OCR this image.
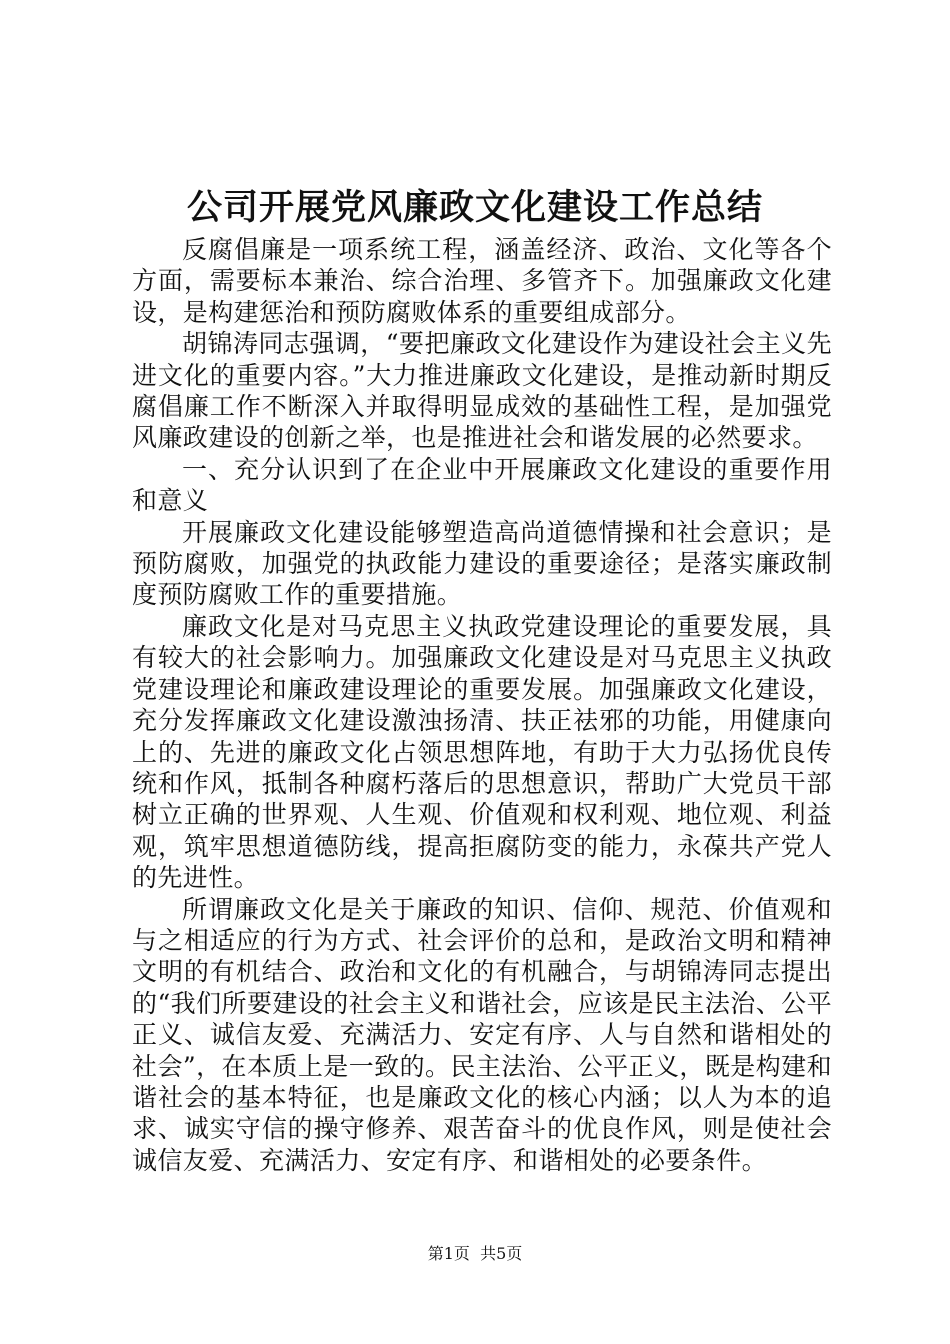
公司开展党风廉政文化建设工作总结

反腐倡廉是一项系统工程，涵盖经济、政治、文化等各个方面，需要标本兼治、综合治理、多管齐下。加强廉政文化建设，是构建惩治和预防腐败体系的重要组成部分。

胡锦涛同志强调，“要把廉政文化建设作为建设社会主义先进文化的重要内容。”大力推进廉政文化建设，是推动新时期反腐倡廉工作不断深入并取得明显成效的基础性工程，是加强党风廉政建设的创新之举，也是推进社会和谐发展的必然要求。

一、充分认识到了在企业中开展廉政文化建设的重要作用和意义

开展廉政文化建设能够塑造高尚道德情操和社会意识；是预防腐败，加强党的执政能力建设的重要途径；是落实廉政制度预防腐败工作的重要措施。

廉政文化是对马克思主义执政党建设理论的重要发展，具有较大的社会影响力。加强廉政文化建设是对马克思主义执政党建设理论和廉政建设理论的重要发展。加强廉政文化建设，充分发挥廉政文化建设激浊扬清、扶正祛邪的功能，用健康向上的、先进的廉政文化占领思想阵地，有助于大力弘扬优良传统和作风，抵制各种腐朽落后的思想意识，帮助广大党员干部树立正确的世界观、人生观、价值观和权利观、地位观、利益观，筑牢思想道德防线，提高拒腐防变的能力，永葆共产党人的先进性。

所谓廉政文化是关于廉政的知识、信仰、规范、价值观和与之相适应的行为方式、社会评价的总和，是政治文明和精神文明的有机结合、政治和文化的有机融合，与胡锦涛同志提出的“我们所要建设的社会主义和谐社会，应该是民主法治、公平正义、诚信友爱、充满活力、安定有序、人与自然和谐相处的社会”，在本质上是一致的。民主法治、公平正义，既是构建和谐社会的基本特征，也是廉政文化的核心内涵；以人为本的追求、诚实守信的操守修养、艰苦奋斗的优良作风，则是使社会诚信友爱、充满活力、安定有序、和谐相处的必要条件。

第1页 共5页
